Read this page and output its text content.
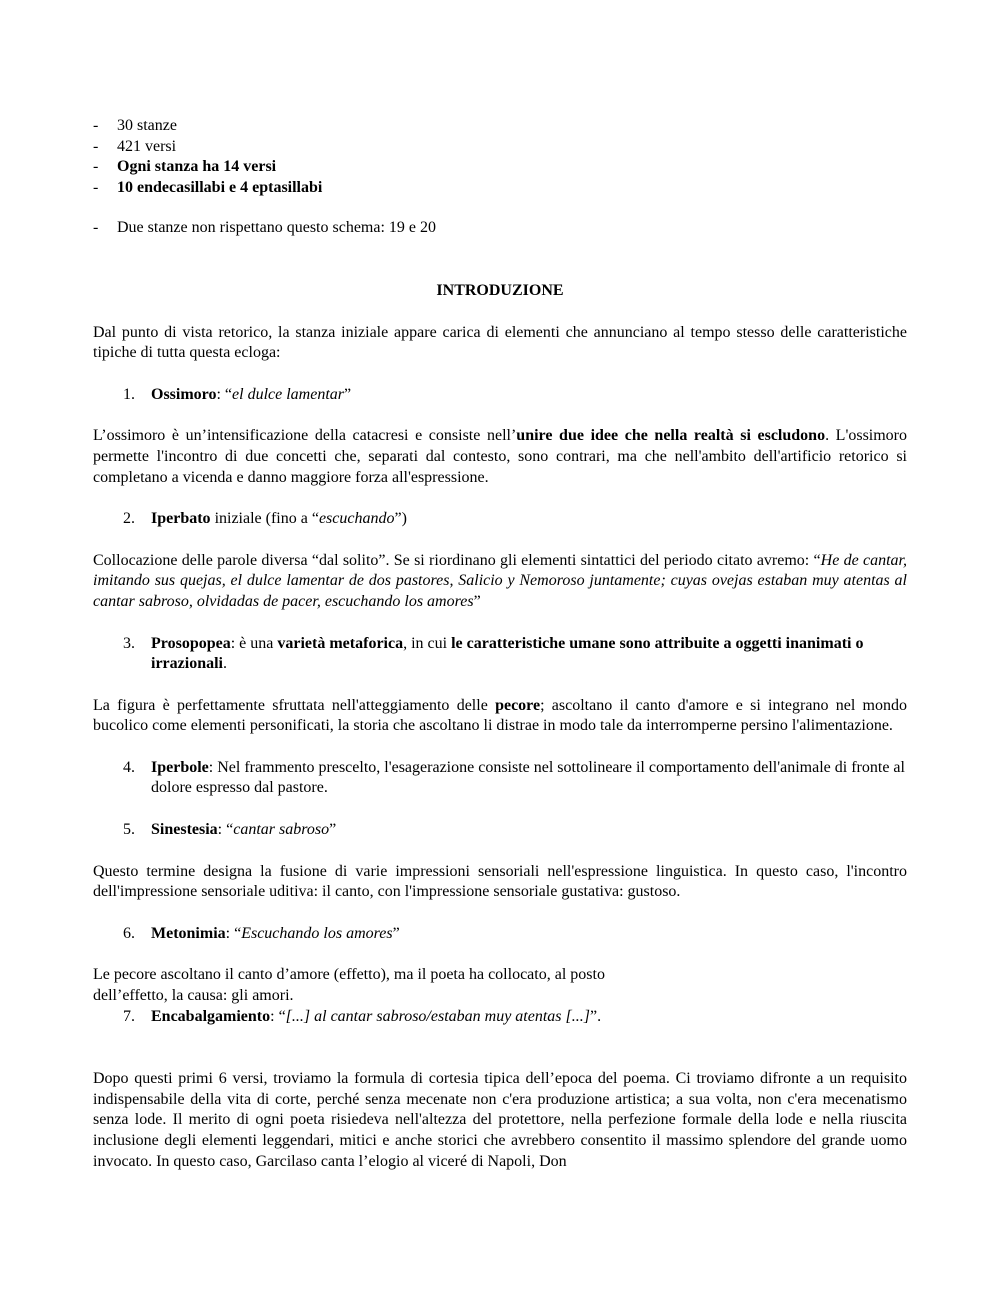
- 30 stanze
- 421 versi
- Ogni stanza ha 14 versi
- 10 endecasillabi e 4 eptasillabi
- Due stanze non rispettano questo schema: 19 e 20

INTRODUZIONE

Dal punto di vista retorico, la stanza iniziale appare carica di elementi che annunciano al tempo stesso delle caratteristiche tipiche di tutta questa ecloga:

1. Ossimoro: “el dulce lamentar”

L’ossimoro è un’intensificazione della catacresi e consiste nell’unire due idee che nella realtà si escludono. L'ossimoro permette l'incontro di due concetti che, separati dal contesto, sono contrari, ma che nell'ambito dell'artificio retorico si completano a vicenda e danno maggiore forza all'espressione.

2. Iperbato iniziale (fino a “escuchando”)

Collocazione delle parole diversa “dal solito”. Se si riordinano gli elementi sintattici del periodo citato avremo: “He de cantar, imitando sus quejas, el dulce lamentar de dos pastores, Salicio y Nemoroso juntamente; cuyas ovejas estaban muy atentas al cantar sabroso, olvidadas de pacer, escuchando los amores”

3. Prosopopea: è una varietà metaforica, in cui le caratteristiche umane sono attribuite a oggetti inanimati o irrazionali.

La figura è perfettamente sfruttata nell'atteggiamento delle pecore; ascoltano il canto d'amore e si integrano nel mondo bucolico come elementi personificati, la storia che ascoltano li distrae in modo tale da interromperne persino l'alimentazione.

4. Iperbole: Nel frammento prescelto, l'esagerazione consiste nel sottolineare il comportamento dell'animale di fronte al dolore espresso dal pastore.
5. Sinestesia: “cantar sabroso”

Questo termine designa la fusione di varie impressioni sensoriali nell'espressione linguistica. In questo caso, l'incontro dell'impressione sensoriale uditiva: il canto, con l'impressione sensoriale gustativa: gustoso.

6. Metonimia: “Escuchando los amores”
Le pecore ascoltano il canto d’amore (effetto), ma il poeta ha collocato, al posto
dell’effetto, la causa: gli amori.
7. Encabalgamiento: “[...] al cantar sabroso/estaban muy atentas [...]”.

Dopo questi primi 6 versi, troviamo la formula di cortesia tipica dell’epoca del poema. Ci troviamo difronte a un requisito indispensabile della vita di corte, perché senza mecenate non c'era produzione artistica; a sua volta, non c'era mecenatismo senza lode. Il merito di ogni poeta risiedeva nell'altezza del protettore, nella perfezione formale della lode e nella riuscita inclusione degli elementi leggendari, mitici e anche storici che avrebbero consentito il massimo splendore del grande uomo invocato. In questo caso, Garcilaso canta l’elogio al viceré di Napoli, Don
